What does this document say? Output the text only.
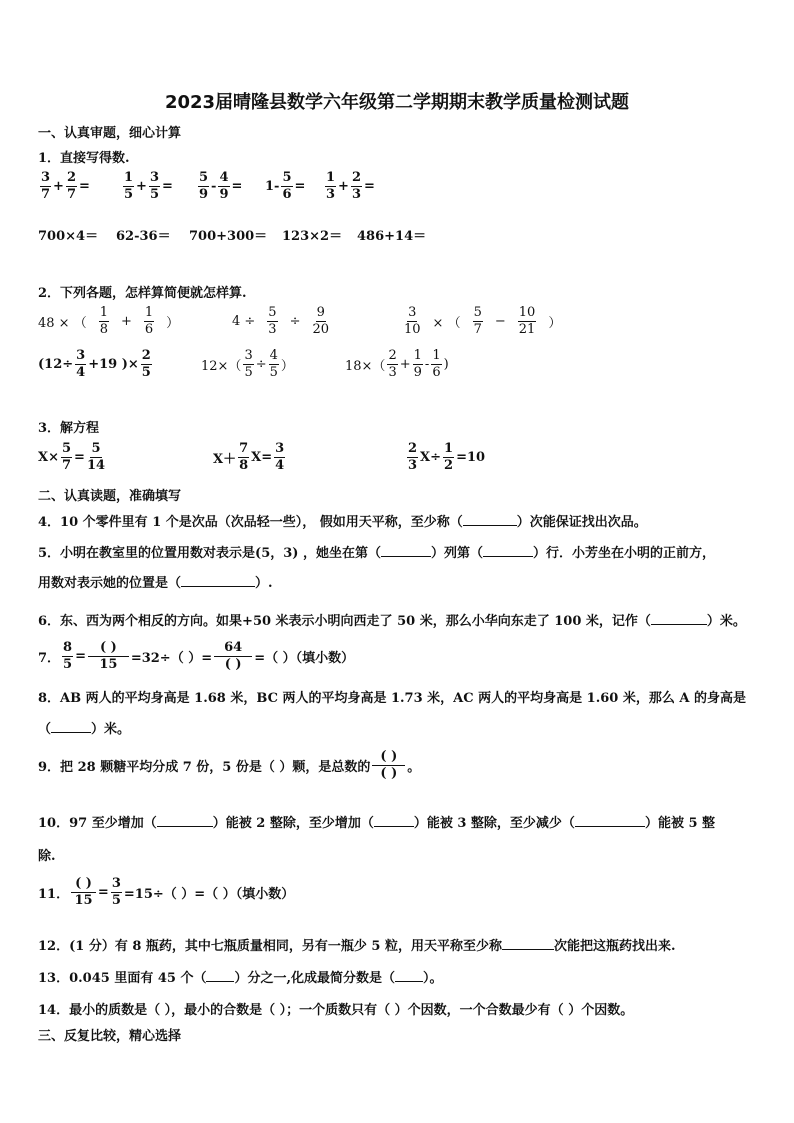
2023届晴隆县数学六年级第二学期期末教学质量检测试题
一、认真审题，细心计算
1．直接写得数.
$\frac{3}{7} + \frac{2}{7}$ =	$\frac{1}{5} + \frac{3}{5} = \frac{5}{9} - \frac{4}{9} = 1- \frac{5}{6} = \frac{1}{3} + \frac{2}{3}$ =
700×4＝ 62-36＝ 700+300＝ 123×2＝ 486+14＝
2．下列各题，怎样算简便就怎样算.
48 × （ $\frac{1}{8} + \frac{1}{6}$ ）	$4 \div \frac{5}{3} \div \frac{9}{20}$	$\frac{3}{10}$ × （ $\frac{5}{7} - \frac{10}{21}$ ）
($12\div \frac{3}{4} +19$ )× $\frac{2}{5}$	$12\times( \frac{3}{5} \div \frac{4}{5}$ ）	$18\times( \frac{2}{3} + \frac{1}{9} - \frac{1}{6}$ )
3．解方程
$X\times \frac{5}{7} = \frac{5}{14}$	$X+ \frac{7}{8} X= \frac{3}{4}$	$\frac{2}{3} X\div \frac{1}{2} =10$
二、认真读题，准确填写
4．10 个零件里有 1 个是次品（次品轻一些）， 假如用天平称，至少称（	）次能保证找出次品。
5．小明在教室里的位置用数对表示是(5，3) ，她坐在第（	）列第（	）行．小芳坐在小明的正前方，
用数对表示她的位置是（	）.
6．东、西为两个相反的方向。如果+50 米表示小明向西走了 50 米，那么小华向东走了 100 米，记作（	）米。
7． $\frac{8}{5} = \frac{( )}{15} =32\div$（ ）= $\frac{64}{( )}$ =（ ）（填小数）
8．AB 两人的平均身高是 1.68 米，BC 两人的平均身高是 1.73 米，AC 两人的平均身高是 1.60 米，那么 A 的身高是
（	）米。
9．把 28 颗糖平均分成 7 份，5 份是（ ）颗，是总数的 $\frac{( )}{( )}$ 。
10．97 至少增加（	）能被 2 整除，至少增加（	）能被 3 整除，至少减少（	）能被 5 整
除.
11． $\frac{( )}{15} = \frac{3}{5} =15\div$（ ）=（ ）（填小数）
12．(1 分）有 8 瓶药，其中七瓶质量相同，另有一瓶少 5 粒，用天平称至少称	次能把这瓶药找出来.
13．0.045 里面有 45 个（ ）分之一,化成最简分数是（ ）。
14．最小的质数是（ ），最小的合数是（ ）；一个质数只有（ ）个因数，一个合数最少有（ ）个因数。
三、反复比较，精心选择
